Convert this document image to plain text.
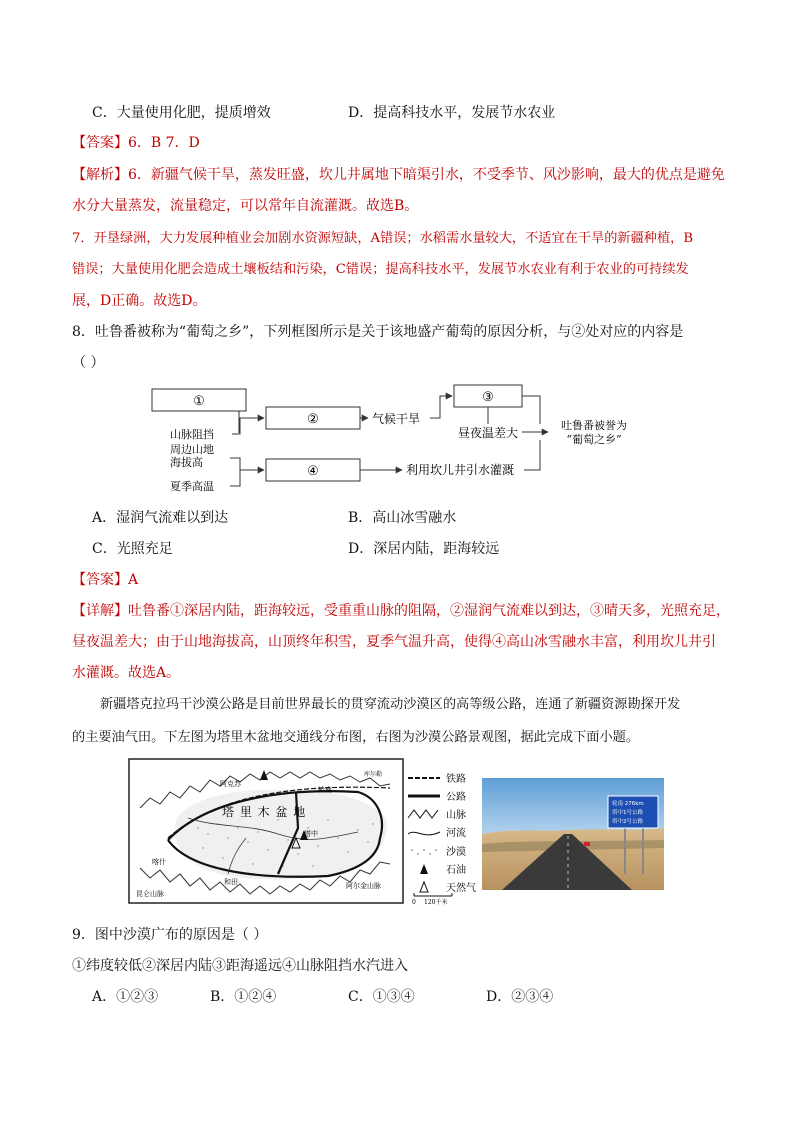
C．大量使用化肥，提质增效	D．提高科技水平，发展节水农业
【答案】6．B 7．D
【解析】6．新疆气候干旱，蒸发旺盛，坎儿井属地下暗渠引水，不受季节、风沙影响，最大的优点是避免
水分大量蒸发，流量稳定，可以常年自流灌溉。故选B。
7．开垦绿洲，大力发展种植业会加剧水资源短缺，A错误；水稻需水量较大，不适宜在干旱的新疆种植，B
错误；大量使用化肥会造成土壤板结和污染，C错误；提高科技水平，发展节水农业有利于农业的可持续发
展，D正确。故选D。
8．吐鲁番被称为“葡萄之乡”，下列框图所示是关于该地盛产葡萄的原因分析，与②处对应的内容是
（ ）
①
②
③
④
山脉阻挡
周边山地
海拔高
夏季高温
气候干旱
昼夜温差大
利用坎儿井引水灌溉
吐鲁番被誉为
“葡萄之乡”
A．湿润气流难以到达	B．高山冰雪融水
C．光照充足	D．深居内陆，距海较远
【答案】A
【详解】吐鲁番①深居内陆，距海较远，受重重山脉的阻隔，②湿润气流难以到达，③晴天多，光照充足，
昼夜温差大；由于山地海拔高，山顶终年积雪，夏季气温升高，使得④高山冰雪融水丰富，利用坎儿井引
水灌溉。故选A。
新疆塔克拉玛干沙漠公路是目前世界最长的贯穿流动沙漠区的高等级公路，连通了新疆资源勘探开发
的主要油气田。下左图为塔里木盆地交通线分布图，右图为沙漠公路景观图，据此完成下面小题。
阿克苏
轮南
库尔勒
塔 里 木 盆 地
塔中
喀什
和田
昆仑山脉
阿尔金山脉
铁路
公路
山脉
河流
沙漠
石油
天然气
0 120千米
轮南 276km
塔中1号公路
塔中2号公路
9．图中沙漠广布的原因是（ ）
①纬度较低②深居内陆③距海遥远④山脉阻挡水汽进入
A．①②③	B．①②④	C．①③④	D．②③④
